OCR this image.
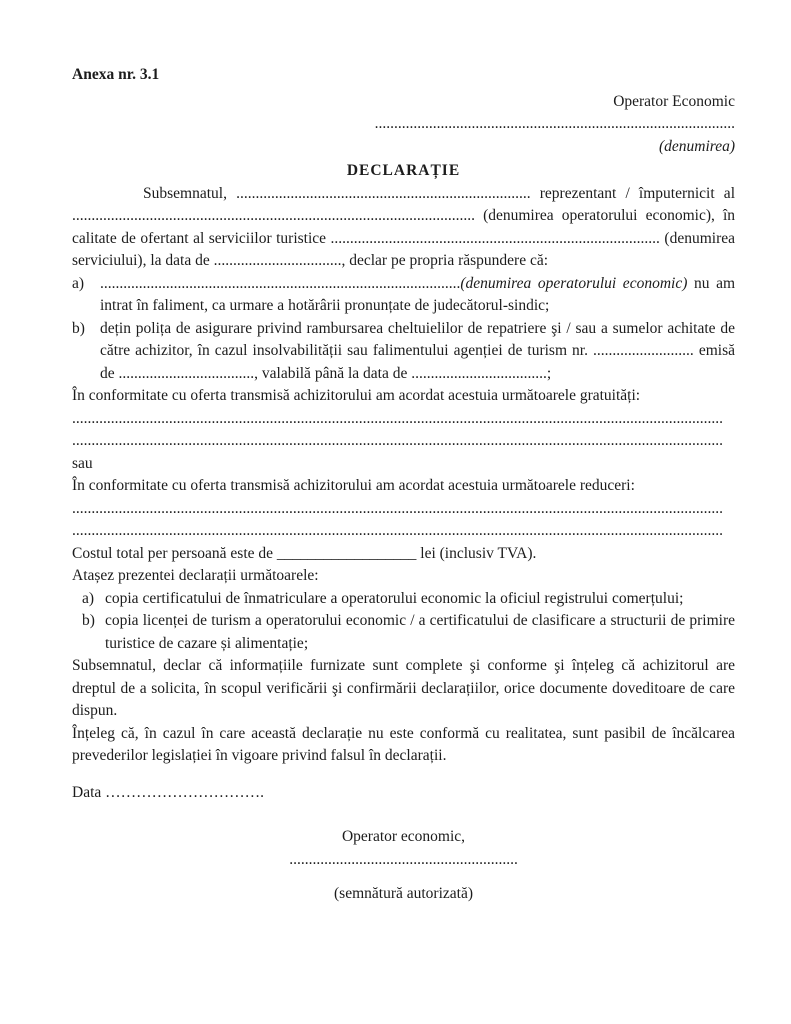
Anexa nr. 3.1
Operator Economic
.............................................................................................
(denumirea)
DECLARAȚIE

Subsemnatul, ............................................................................ reprezentant / împuternicit al ........................................................................................................ (denumirea operatorului economic), în calitate de ofertant al serviciilor turistice ..................................................................................... (denumirea serviciului), la data de ................................., declar pe propria răspundere că:

a)	.............................................................................................(denumirea operatorului economic) nu am intrat în faliment, ca urmare a hotărârii pronunțate de judecătorul-sindic;
b) dețin polița de asigurare privind rambursarea cheltuielilor de repatriere şi / sau a sumelor achitate de către achizitor, în cazul insolvabilității sau falimentului agenției de turism nr. .......................... emisă de ..................................., valabilă până la data de ...................................;

În conformitate cu oferta transmisă achizitorului am acordat acestuia următoarele gratuități:

........................................................................................................................................................................
........................................................................................................................................................................
sau

În conformitate cu oferta transmisă achizitorului am acordat acestuia următoarele reduceri:

........................................................................................................................................................................
........................................................................................................................................................................

Costul total per persoană este de __________________ lei (inclusiv TVA).

Atașez prezentei declarații următoarele:

a) copia certificatului de înmatriculare a operatorului economic la oficiul registrului comerțului;
b) copia licenței de turism a operatorului economic / a certificatului de clasificare a structurii de primire turistice de cazare și alimentație;

Subsemnatul, declar că informațiile furnizate sunt complete şi conforme şi înțeleg că achizitorul are dreptul de a solicita, în scopul verificării şi confirmării declarațiilor, orice documente doveditoare de care dispun.

Înțeleg că, în cazul în care această declarație nu este conformă cu realitatea, sunt pasibil de încălcarea prevederilor legislației în vigoare privind falsul în declarații.

Data ………………………….
Operator economic,
...........................................................
(semnătură autorizată)
